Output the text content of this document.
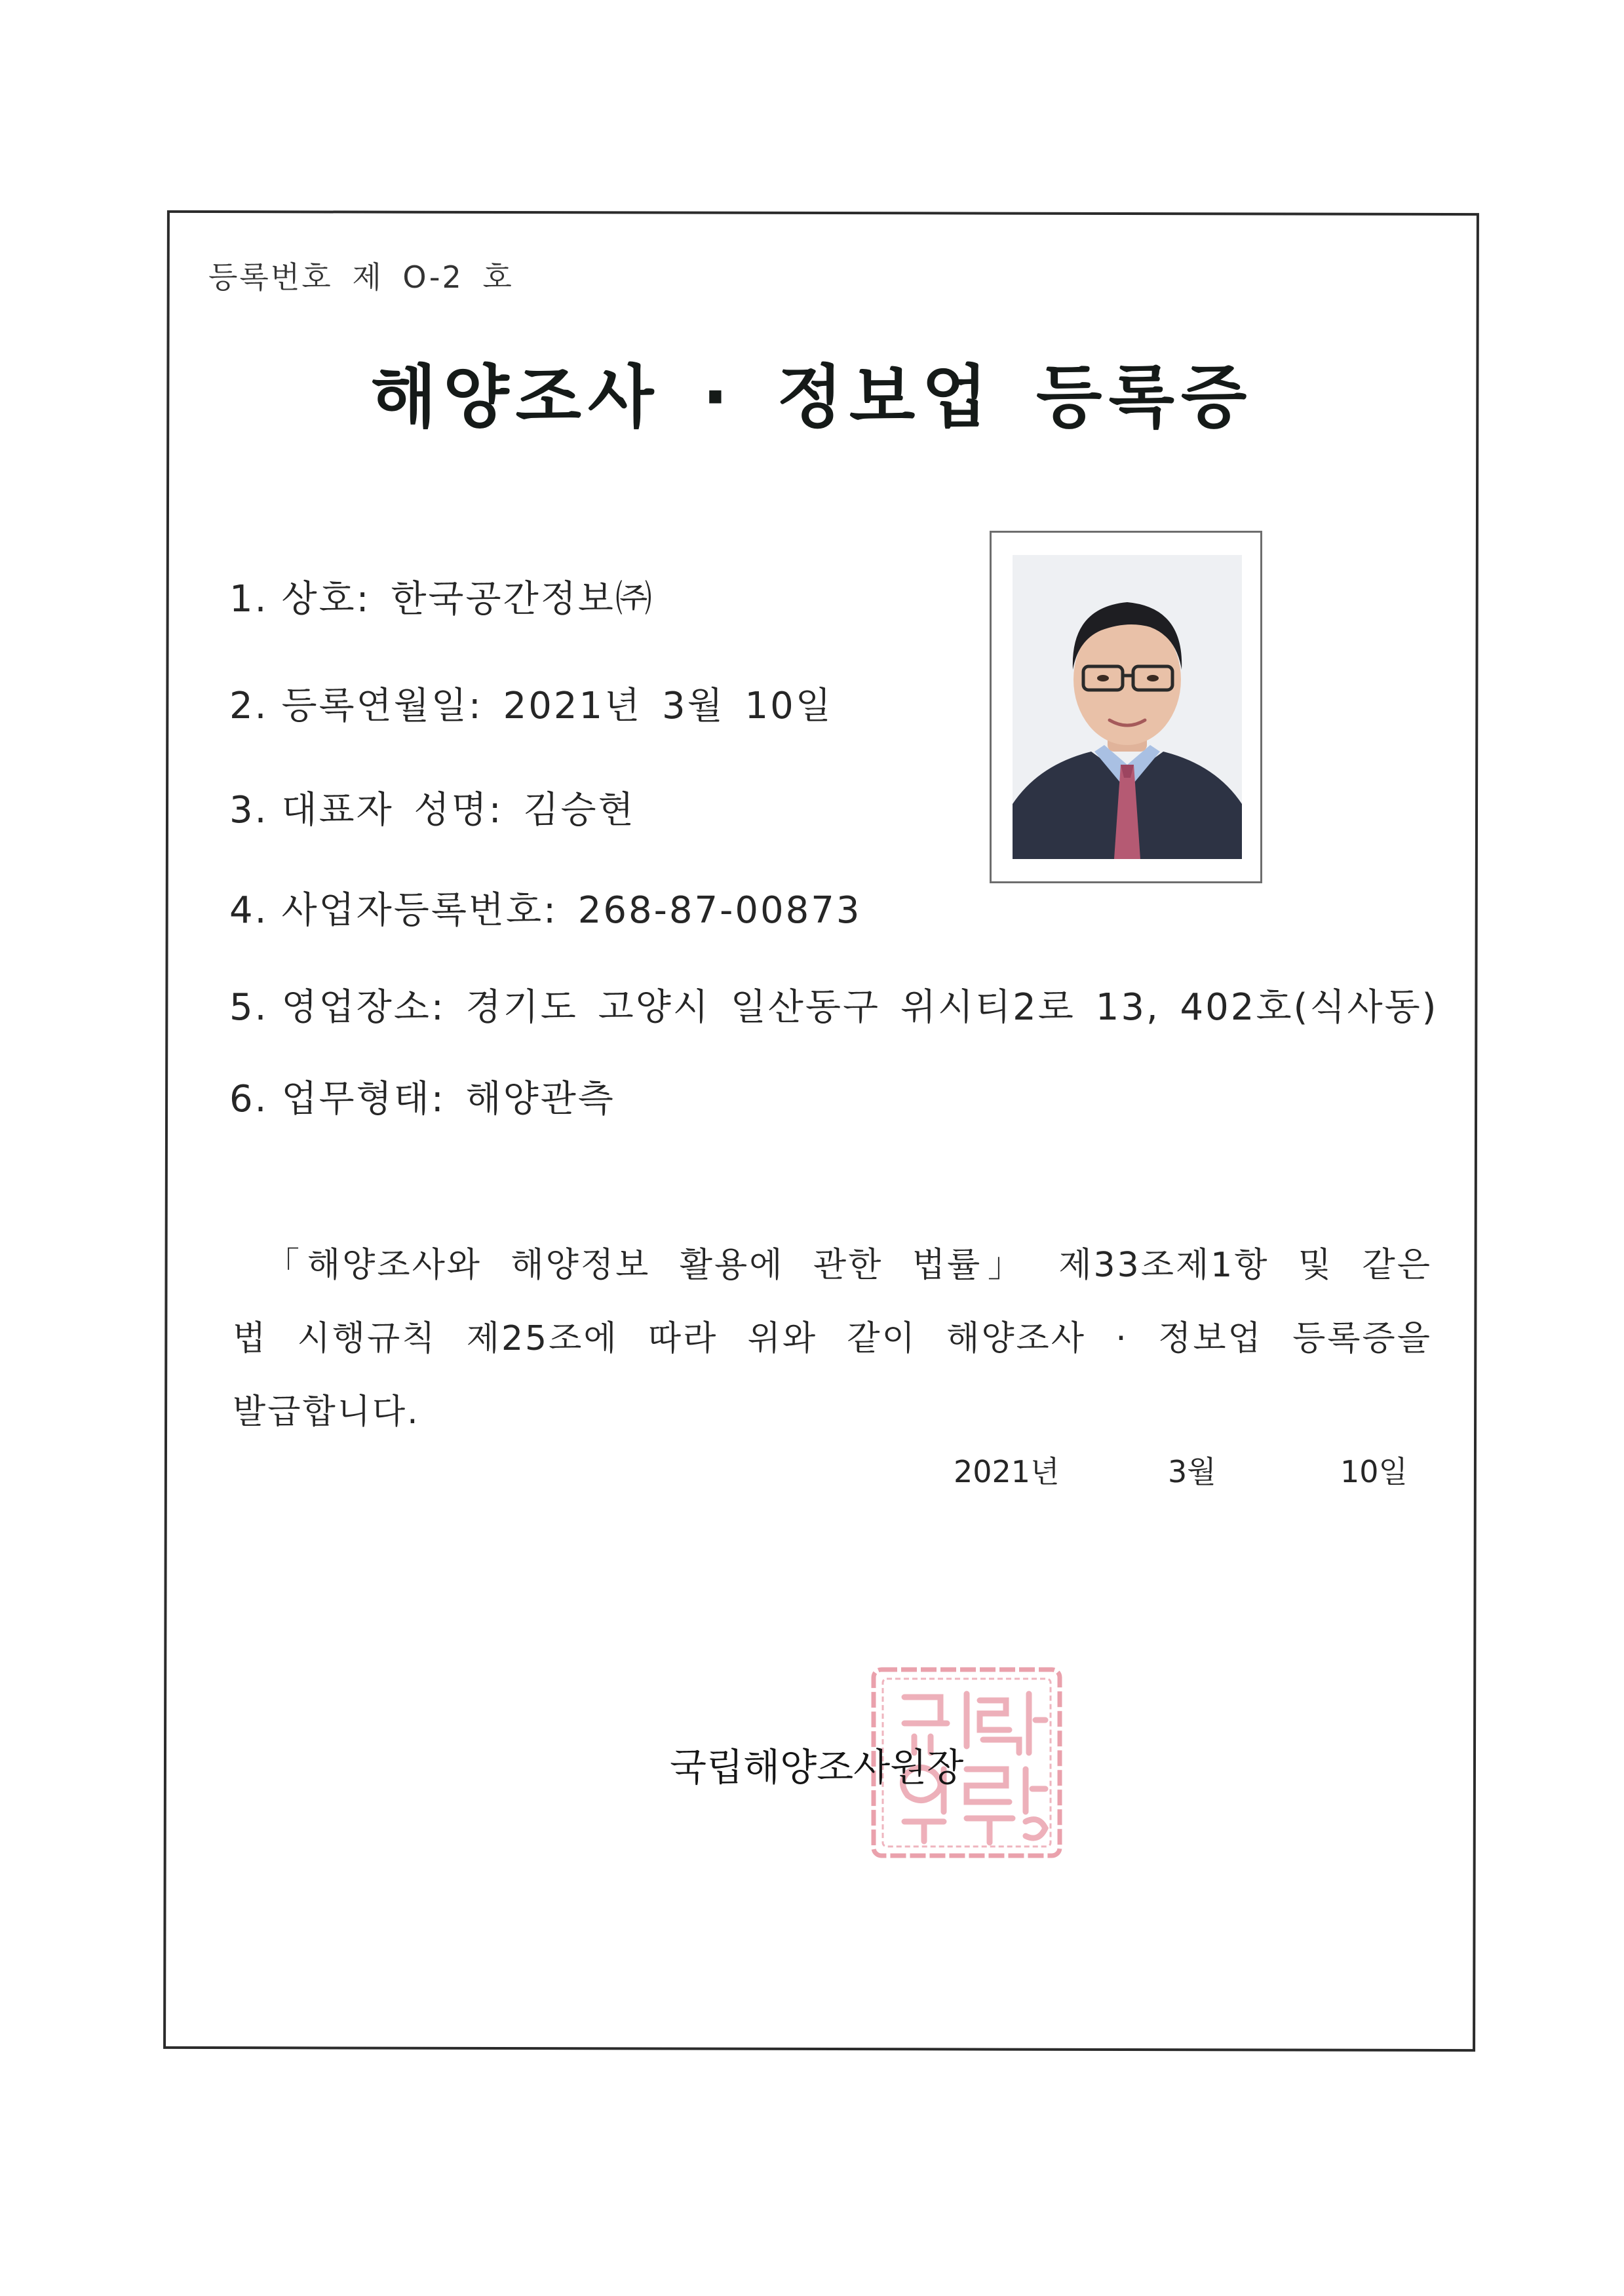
등록번호 제 O-2 호
해양조사 · 정보업 등록증
1. 상호: 한국공간정보㈜
2. 등록연월일: 2021년 3월 10일
3. 대표자 성명: 김승현
4. 사업자등록번호: 268-87-00873
5. 영업장소: 경기도 고양시 일산동구 위시티2로 13, 402호(식사동)
6. 업무형태: 해양관측
「해양조사와 해양정보 활용에 관한 법률」 제33조제1항 및 같은 법 시행규칙 제25조에 따라 위와 같이 해양조사 · 정보업 등록증을 발급합니다.
2021년	3월	10일
국립해양조사원장
